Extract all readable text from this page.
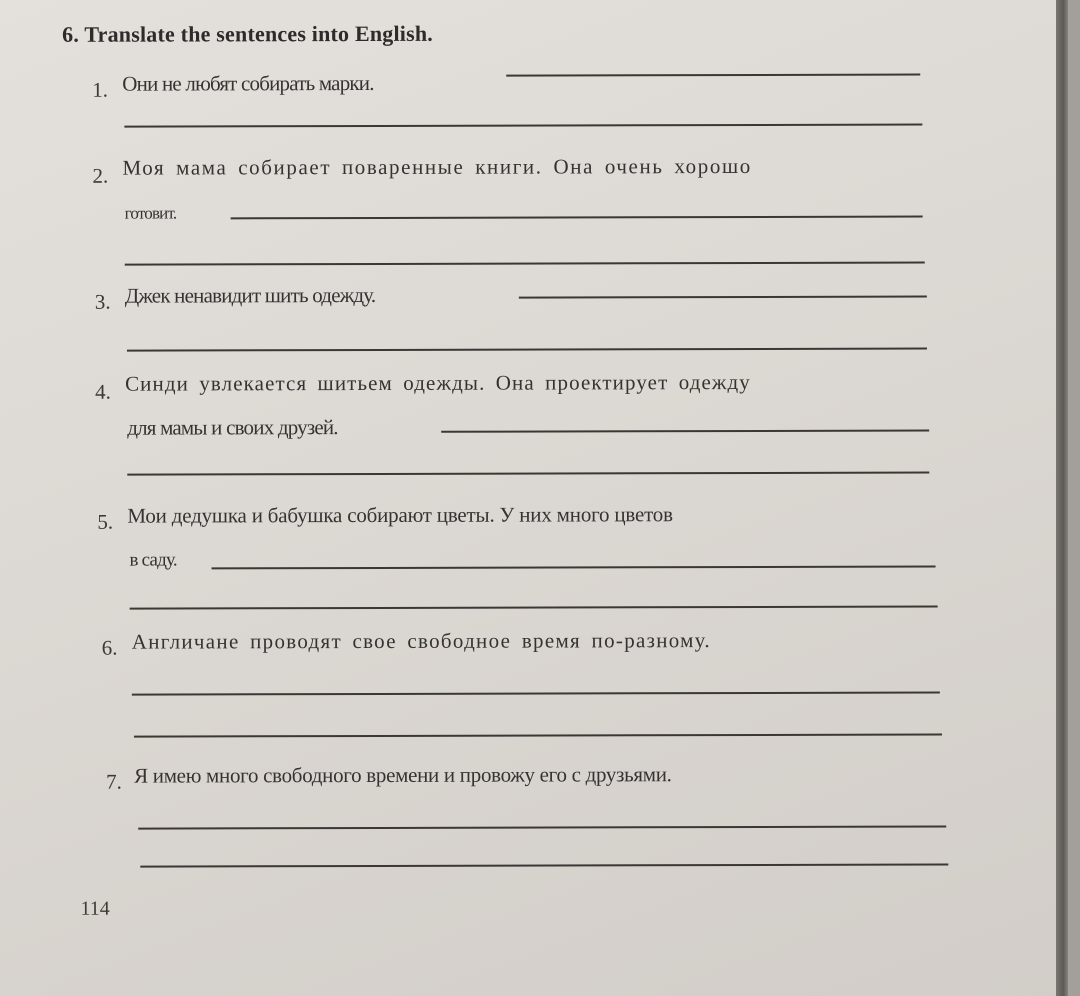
6. Translate the sentences into English.
1. Они не любят собирать марки.
2. Моя мама собирает поваренные книги. Она очень хорошо
готовит.
3. Джек ненавидит шить одежду.
4. Синди увлекается шитьем одежды. Она проектирует одежду
для мамы и своих друзей.
5. Мои дедушка и бабушка собирают цветы. У них много цветов
в саду.
6. Англичане проводят свое свободное время по-разному.
7. Я имею много свободного времени и провожу его с друзьями.
114
